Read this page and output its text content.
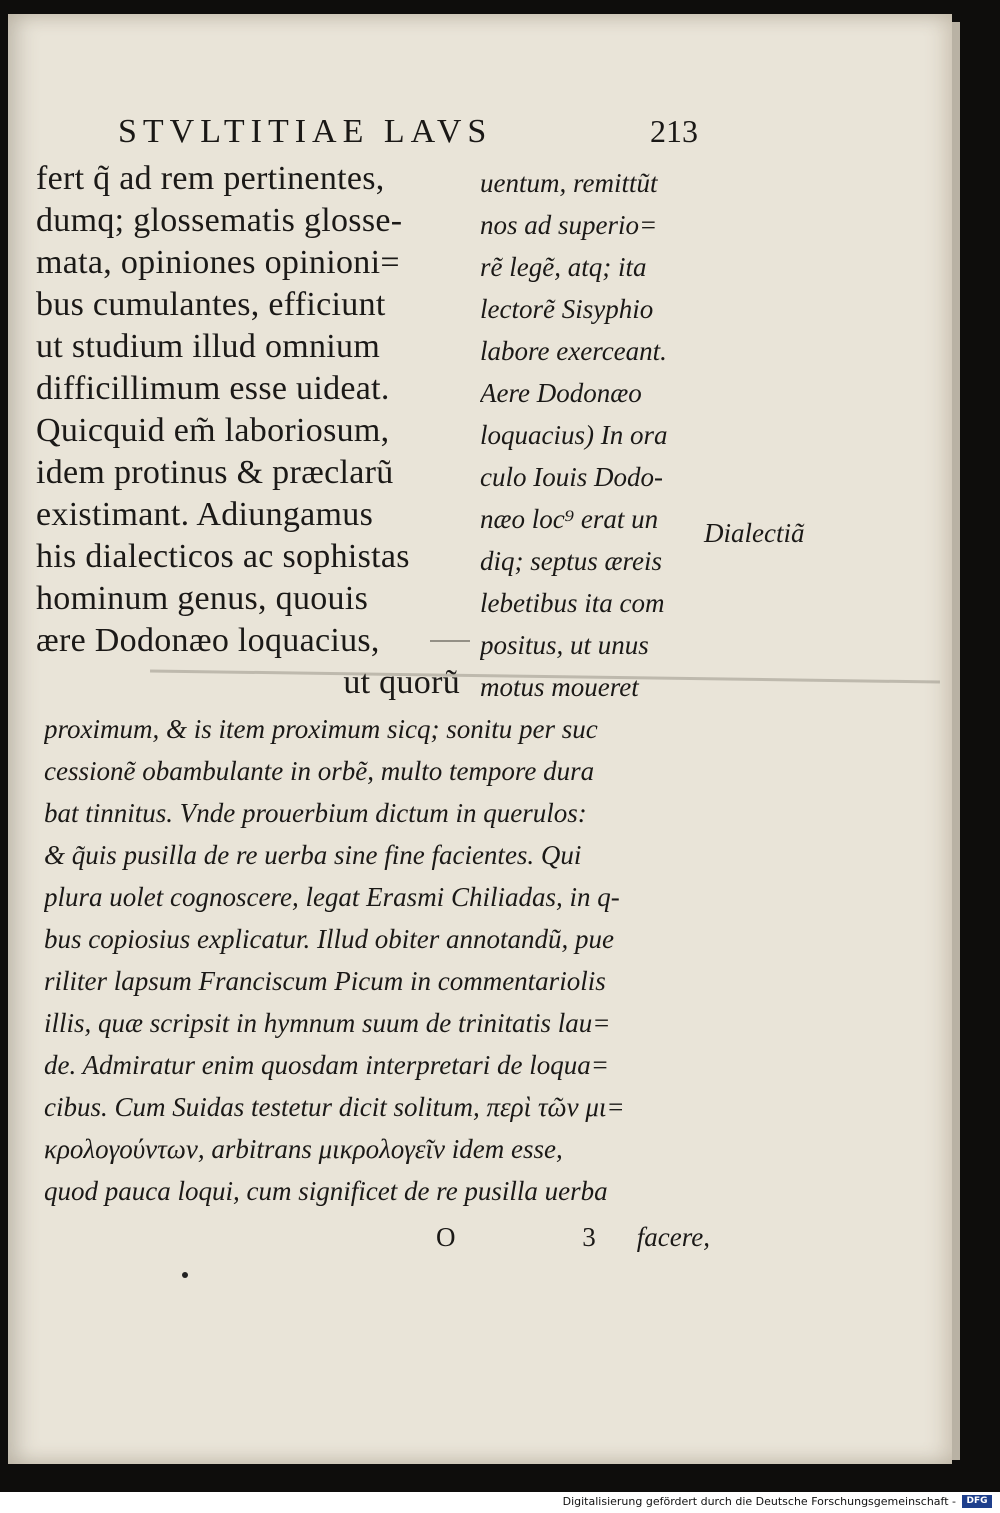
STVLTITIAE LAVS	213
fert q̃ ad rem pertinentes,
dumq; glossematis glosse-
mata, opiniones opinioni=
bus cumulantes, efficiunt
ut studium illud omnium
difficillimum esse uideat.
Quicquid em̃ laboriosum,
idem protinus & præclarũ
existimant. Adiungamus
his dialecticos ac sophistas
hominum genus, quouis
ære Dodonæo loquacius,
ut quorũ
uentum, remittũt
nos ad superio=
rẽ legẽ, atq; ita
lectorẽ Sisyphio
labore exerceant.
Aere Dodonæo
loquacius) In ora
culo Iouis Dodo-
næo loc⁹ erat un
diq; septus æreis
lebetibus ita com
positus, ut unus
motus moueret
Dialectiã
proximum, & is item proximum sicq; sonitu per suc
cessionẽ obambulante in orbẽ, multo tempore dura
bat tinnitus. Vnde prouerbium dictum in querulos:
& q̃uis pusilla de re uerba sine fine facientes. Qui
plura uolet cognoscere, legat Erasmi Chiliadas, in q-
bus copiosius explicatur. Illud obiter annotandũ, pue
riliter lapsum Franciscum Picum in commentariolis
illis, quæ scripsit in hymnum suum de trinitatis lau=
de. Admiratur enim quosdam interpretari de loqua=
cibus. Cum Suidas testetur dicit solitum, περὶ τῶν μι=
κρολογούντων, arbitrans μικρολογεῖν idem esse,
quod pauca loqui, cum significet de re pusilla uerba
O 3
facere,
Digitalisierung gefördert durch die Deutsche Forschungsgemeinschaft -	DFG
